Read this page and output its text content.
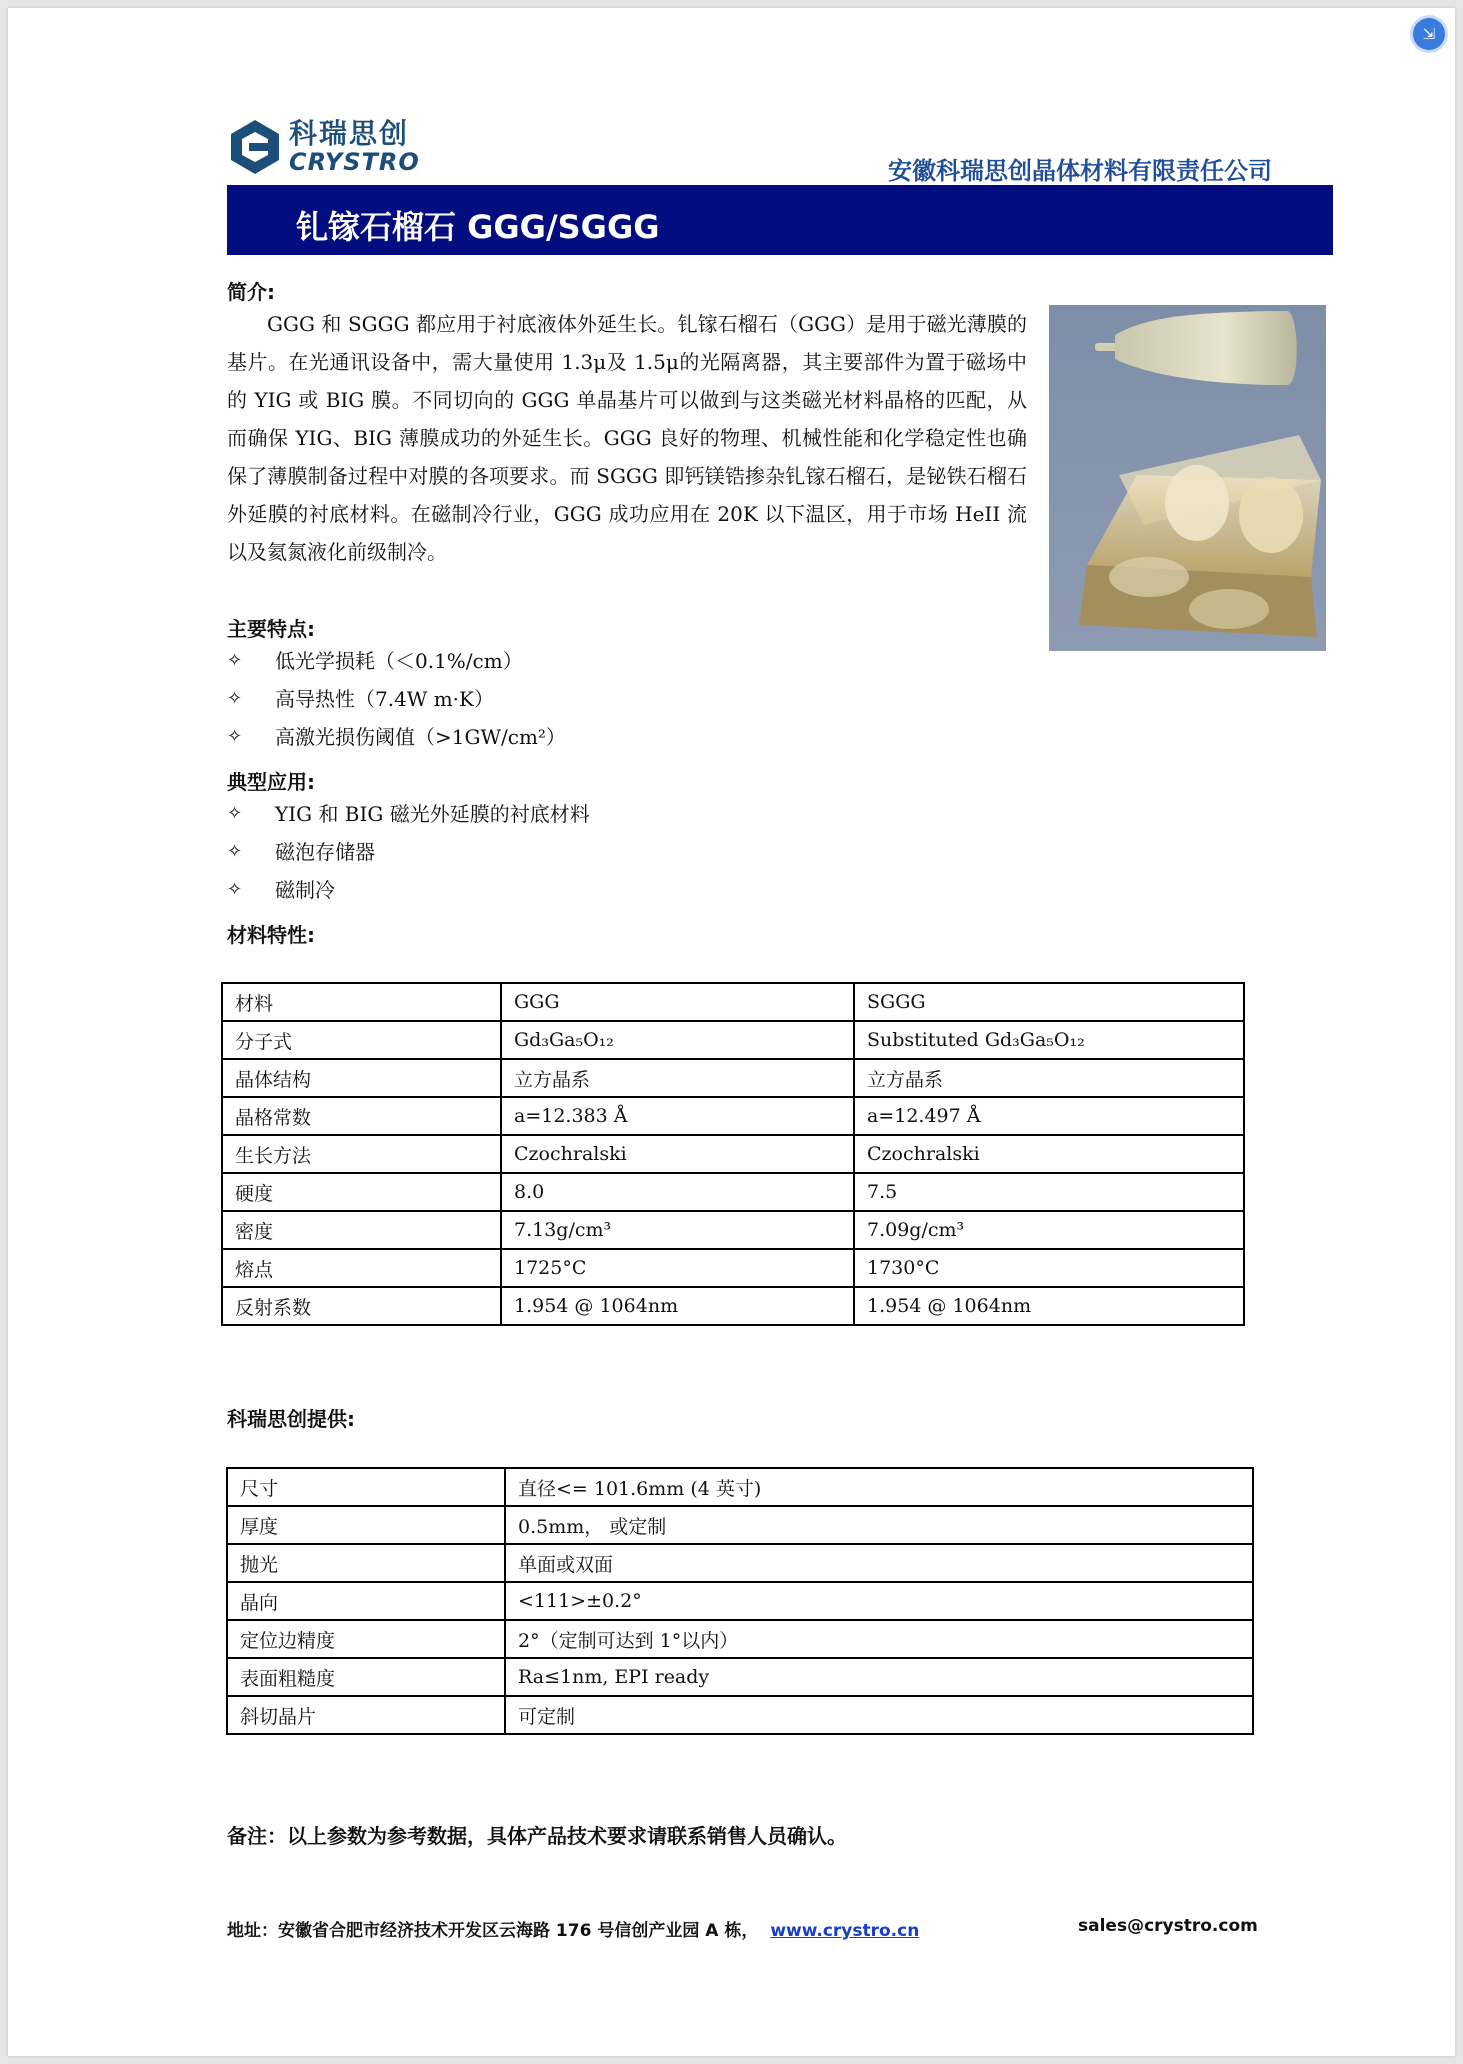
⇲
科瑞思创
CRYSTRO	安徽科瑞思创晶体材料有限责任公司
钆镓石榴石 GGG/SGGG
简介:
GGG 和 SGGG 都应用于衬底液体外延生长。钆镓石榴石（GGG）是用于磁光薄膜的基片。在光通讯设备中，需大量使用 1.3μ及 1.5μ的光隔离器，其主要部件为置于磁场中的 YIG 或 BIG 膜。不同切向的 GGG 单晶基片可以做到与这类磁光材料晶格的匹配，从而确保 YIG、BIG 薄膜成功的外延生长。GGG 良好的物理、机械性能和化学稳定性也确保了薄膜制备过程中对膜的各项要求。而 SGGG 即钙镁锆掺杂钆镓石榴石，是铋铁石榴石外延膜的衬底材料。在磁制冷行业，GGG 成功应用在 20K 以下温区，用于市场 HeII 流以及氦氮液化前级制冷。
主要特点:
✧	低光学损耗（＜0.1%/cm）
✧	高导热性（7.4W m·K）
✧	高激光损伤阈值（>1GW/cm²）
典型应用:
✧	YIG 和 BIG 磁光外延膜的衬底材料
✧	磁泡存储器
✧	磁制冷
材料特性:
材料	GGG	SGGG
分子式	Gd₃Ga₅O₁₂	Substituted Gd₃Ga₅O₁₂
晶体结构	立方晶系	立方晶系
晶格常数	a=12.383 Å	a=12.497 Å
生长方法	Czochralski	Czochralski
硬度	8.0	7.5
密度	7.13g/cm³	7.09g/cm³
熔点	1725°C	1730°C
反射系数	1.954 @ 1064nm	1.954 @ 1064nm
科瑞思创提供:
尺寸	直径<= 101.6mm (4 英寸)
厚度	0.5mm， 或定制
抛光	单面或双面
晶向	<111>±0.2°
定位边精度	2°（定制可达到 1°以内）
表面粗糙度	Ra≤1nm, EPI ready
斜切晶片	可定制
备注：以上参数为参考数据，具体产品技术要求请联系销售人员确认。
地址：安徽省合肥市经济技术开发区云海路 176 号信创产业园 A 栋， www.crystro.cn	sales@crystro.com
